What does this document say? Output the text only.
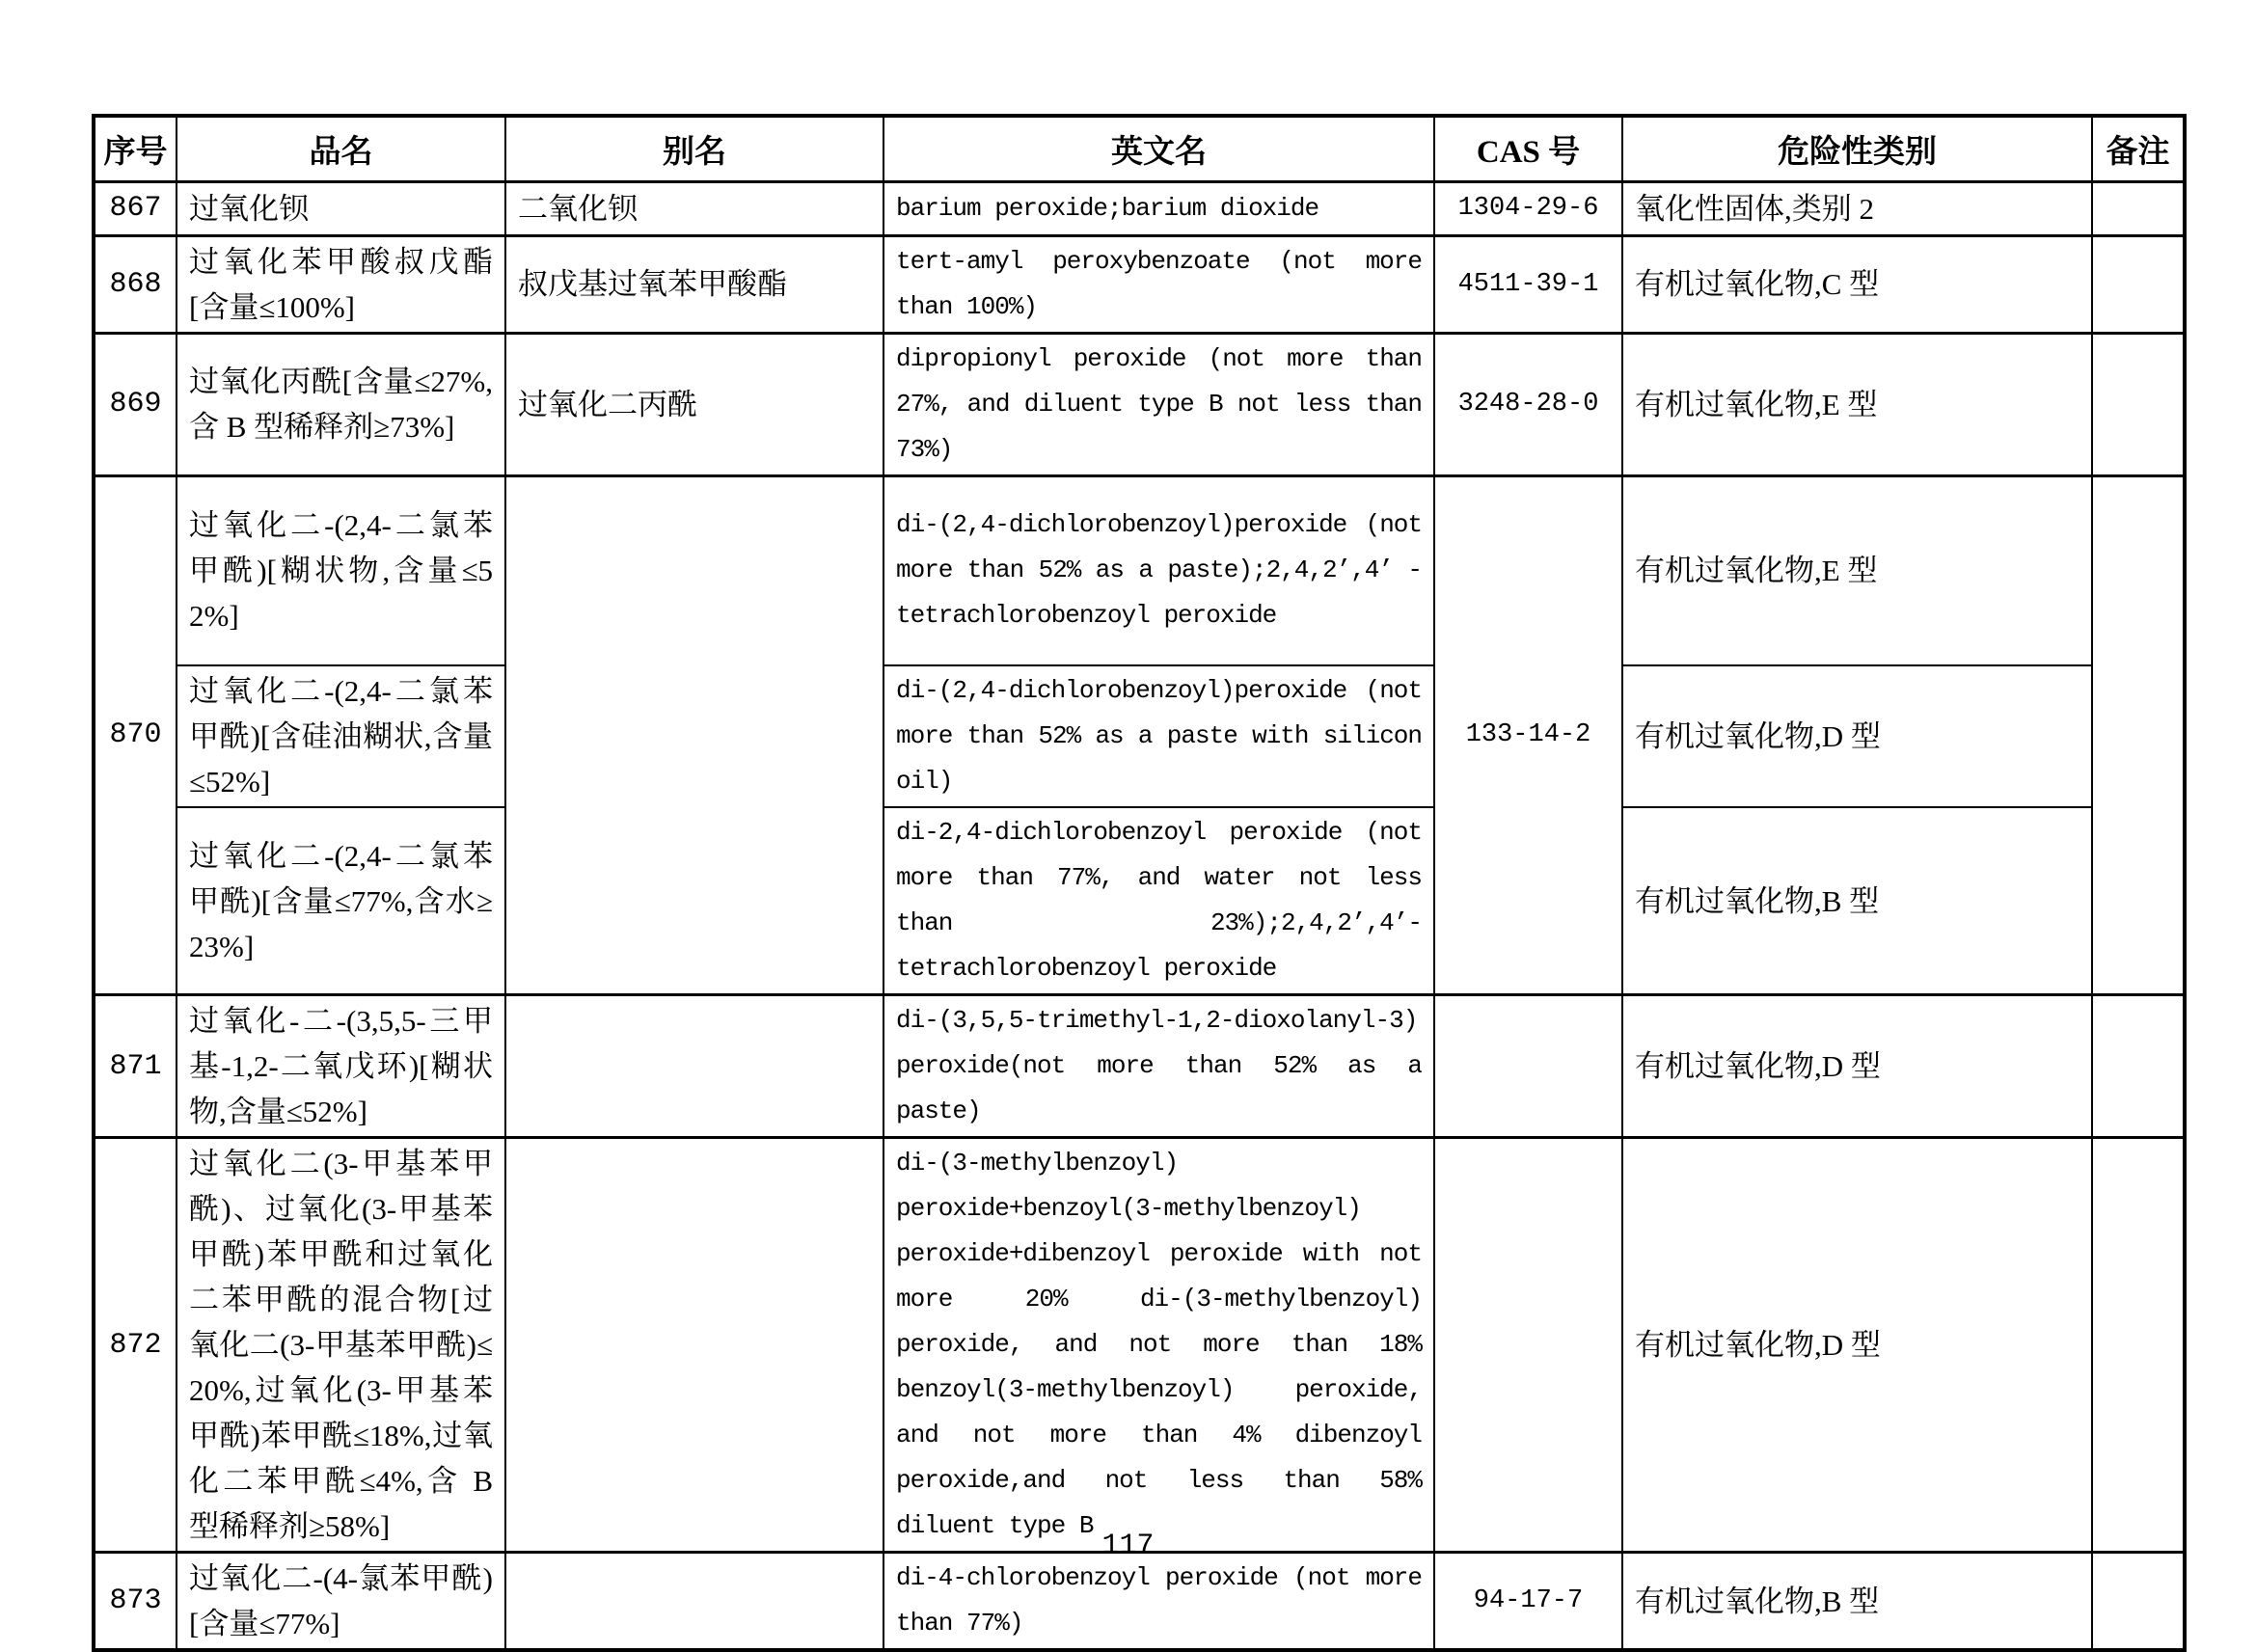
序号	品名	别名	英文名	CAS 号	危险性类别	备注
867	过氧化钡	二氧化钡	barium peroxide;barium dioxide	1304-29-6	氧化性固体,类别 2	
868	过氧化苯甲酸叔戊酯[含量≤100%]	叔戊基过氧苯甲酸酯	tert-amyl peroxybenzoate (not more than 100%)	4511-39-1	有机过氧化物,C 型	
869	过氧化丙酰[含量≤27%,含 B 型稀释剂≥73%]	过氧化二丙酰	dipropionyl peroxide (not more than 27%, and diluent type B not less than 73%)	3248-28-0	有机过氧化物,E 型	
870	过氧化二-(2,4-二氯苯甲酰)[糊状物,含量≤52%]		di-(2,4-dichlorobenzoyl)peroxide (not more than 52% as a paste);2,4,2’,4’ -tetrachlorobenzoyl peroxide	133-14-2	有机过氧化物,E 型	
	过氧化二-(2,4-二氯苯甲酰)[含硅油糊状,含量≤52%]		di-(2,4-dichlorobenzoyl)peroxide (not more than 52% as a paste with silicon oil)		有机过氧化物,D 型	
	过氧化二-(2,4-二氯苯甲酰)[含量≤77%,含水≥23%]		di-2,4-dichlorobenzoyl peroxide (not more than 77%, and water not less than 23%);2,4,2’,4’-tetrachlorobenzoyl peroxide		有机过氧化物,B 型	
871	过氧化-二-(3,5,5-三甲基-1,2-二氧戊环)[糊状物,含量≤52%]		di-(3,5,5-trimethyl-1,2-dioxolanyl-3) peroxide(not more than 52% as a paste)		有机过氧化物,D 型	
872	过氧化二(3-甲基苯甲酰)、过氧化(3-甲基苯甲酰)苯甲酰和过氧化二苯甲酰的混合物[过氧化二(3-甲基苯甲酰)≤20%,过氧化(3-甲基苯甲酰)苯甲酰≤18%,过氧化二苯甲酰≤4%,含 B 型稀释剂≥58%]		di-(3-methylbenzoyl) peroxide+benzoyl(3-methylbenzoyl) peroxide+dibenzoyl peroxide with not more 20% di-(3-methylbenzoyl) peroxide, and not more than 18% benzoyl(3-methylbenzoyl) peroxide, and not more than 4% dibenzoyl peroxide,and not less than 58% diluent type B		有机过氧化物,D 型	
873	过氧化二-(4-氯苯甲酰)[含量≤77%]		di-4-chlorobenzoyl peroxide (not more than 77%)	94-17-7	有机过氧化物,B 型	
117
